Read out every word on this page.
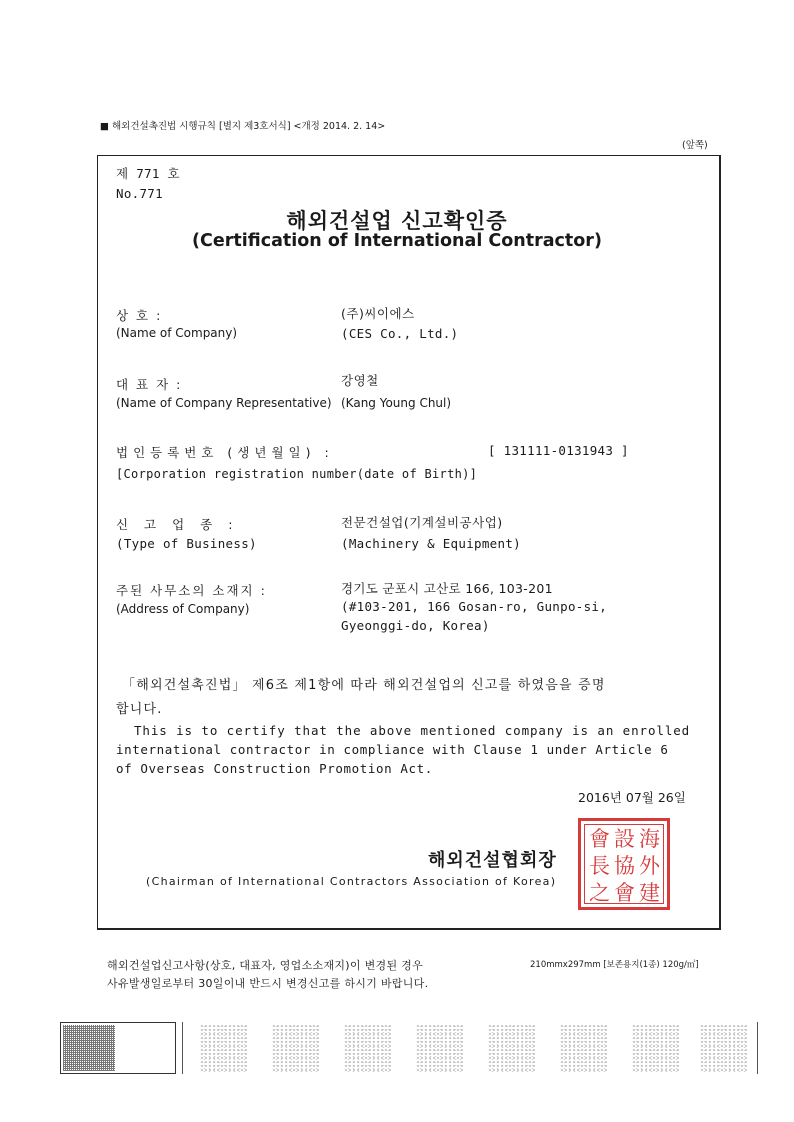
■ 해외건설촉진법 시행규칙 [별지 제3호서식] <개정 2014. 2. 14>
(앞쪽)
제 771 호
No.771
해외건설업 신고확인증
(Certification of International Contractor)
상 호 :
(Name of Company)
(주)씨이에스
(CES Co., Ltd.)
대 표 자 :
(Name of Company Representative)
강영철
(Kang Young Chul)
법인등록번호 (생년월일) :	[ 131111-0131943 ]
[Corporation registration number(date of Birth)]
신 고 업 종 :
(Type of Business)
전문건설업(기계설비공사업)
(Machinery & Equipment)
주된 사무소의 소재지 :
(Address of Company)
경기도 군포시 고산로 166, 103-201
(#103-201, 166 Gosan-ro, Gunpo-si,
Gyeonggi-do, Korea)
「해외건설촉진법」 제6조 제1항에 따라 해외건설업의 신고를 하였음을 증명
합니다.
This is to certify that the above mentioned company is an enrolled
international contractor in compliance with Clause 1 under Article 6
of Overseas Construction Promotion Act.
2016년 07월 26일
해외건설협회장
(Chairman of International Contractors Association of Korea)
會 設 海
長 協 外
之 會 建
해외건설업신고사항(상호, 대표자, 영업소소재지)이 변경된 경우
사유발생일로부터 30일이내 반드시 변경신고를 하시기 바랍니다.
210mmx297mm [보존용지(1종) 120g/㎡]
